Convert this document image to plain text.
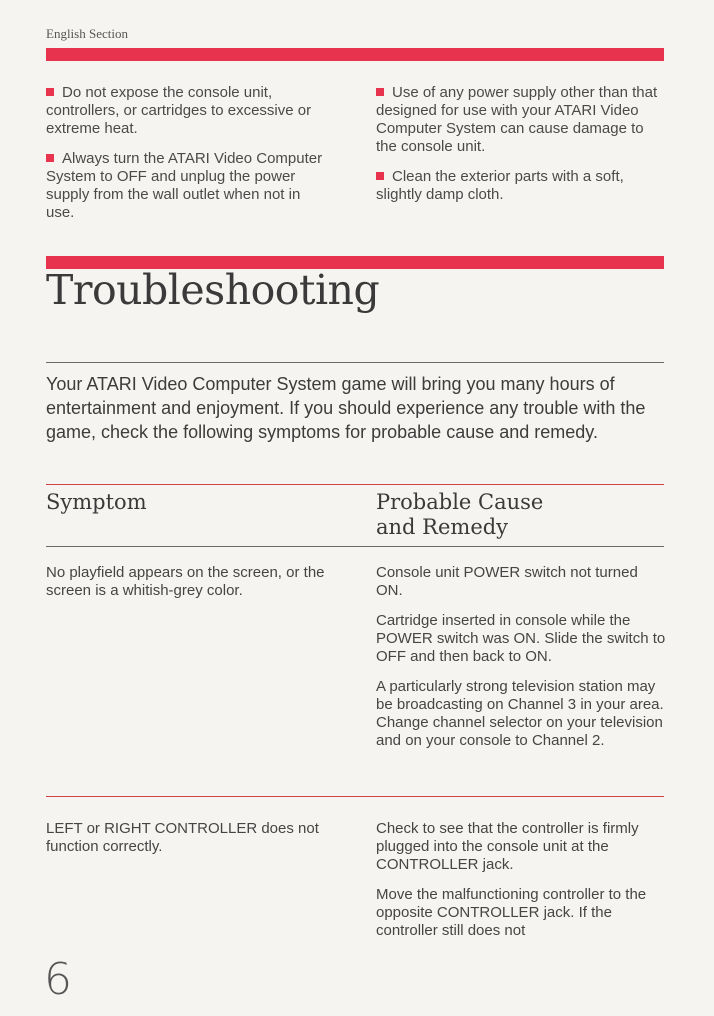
English Section

Do not expose the console unit, controllers, or cartridges to excessive or extreme heat.

Always turn the ATARI Video Computer System to OFF and unplug the power supply from the wall outlet when not in use.

Use of any power supply other than that designed for use with your ATARI Video Computer System can cause damage to the console unit.

Clean the exterior parts with a soft, slightly damp cloth.

Troubleshooting
Your ATARI Video Computer System game will bring you many hours of entertainment and enjoyment. If you should experience any trouble with the game, check the following symptoms for probable cause and remedy.
Symptom	Probable Cause
and Remedy
No playfield appears on the screen, or the screen is a whitish-grey color.

Console unit POWER switch not turned ON.

Cartridge inserted in console while the POWER switch was ON. Slide the switch to OFF and then back to ON.

A particularly strong television station may be broadcasting on Channel 3 in your area. Change channel selector on your television and on your console to Channel 2.

LEFT or RIGHT CONTROLLER does not function correctly.

Check to see that the controller is firmly plugged into the console unit at the CONTROLLER jack.

Move the malfunctioning controller to the opposite CONTROLLER jack. If the controller still does not

6
